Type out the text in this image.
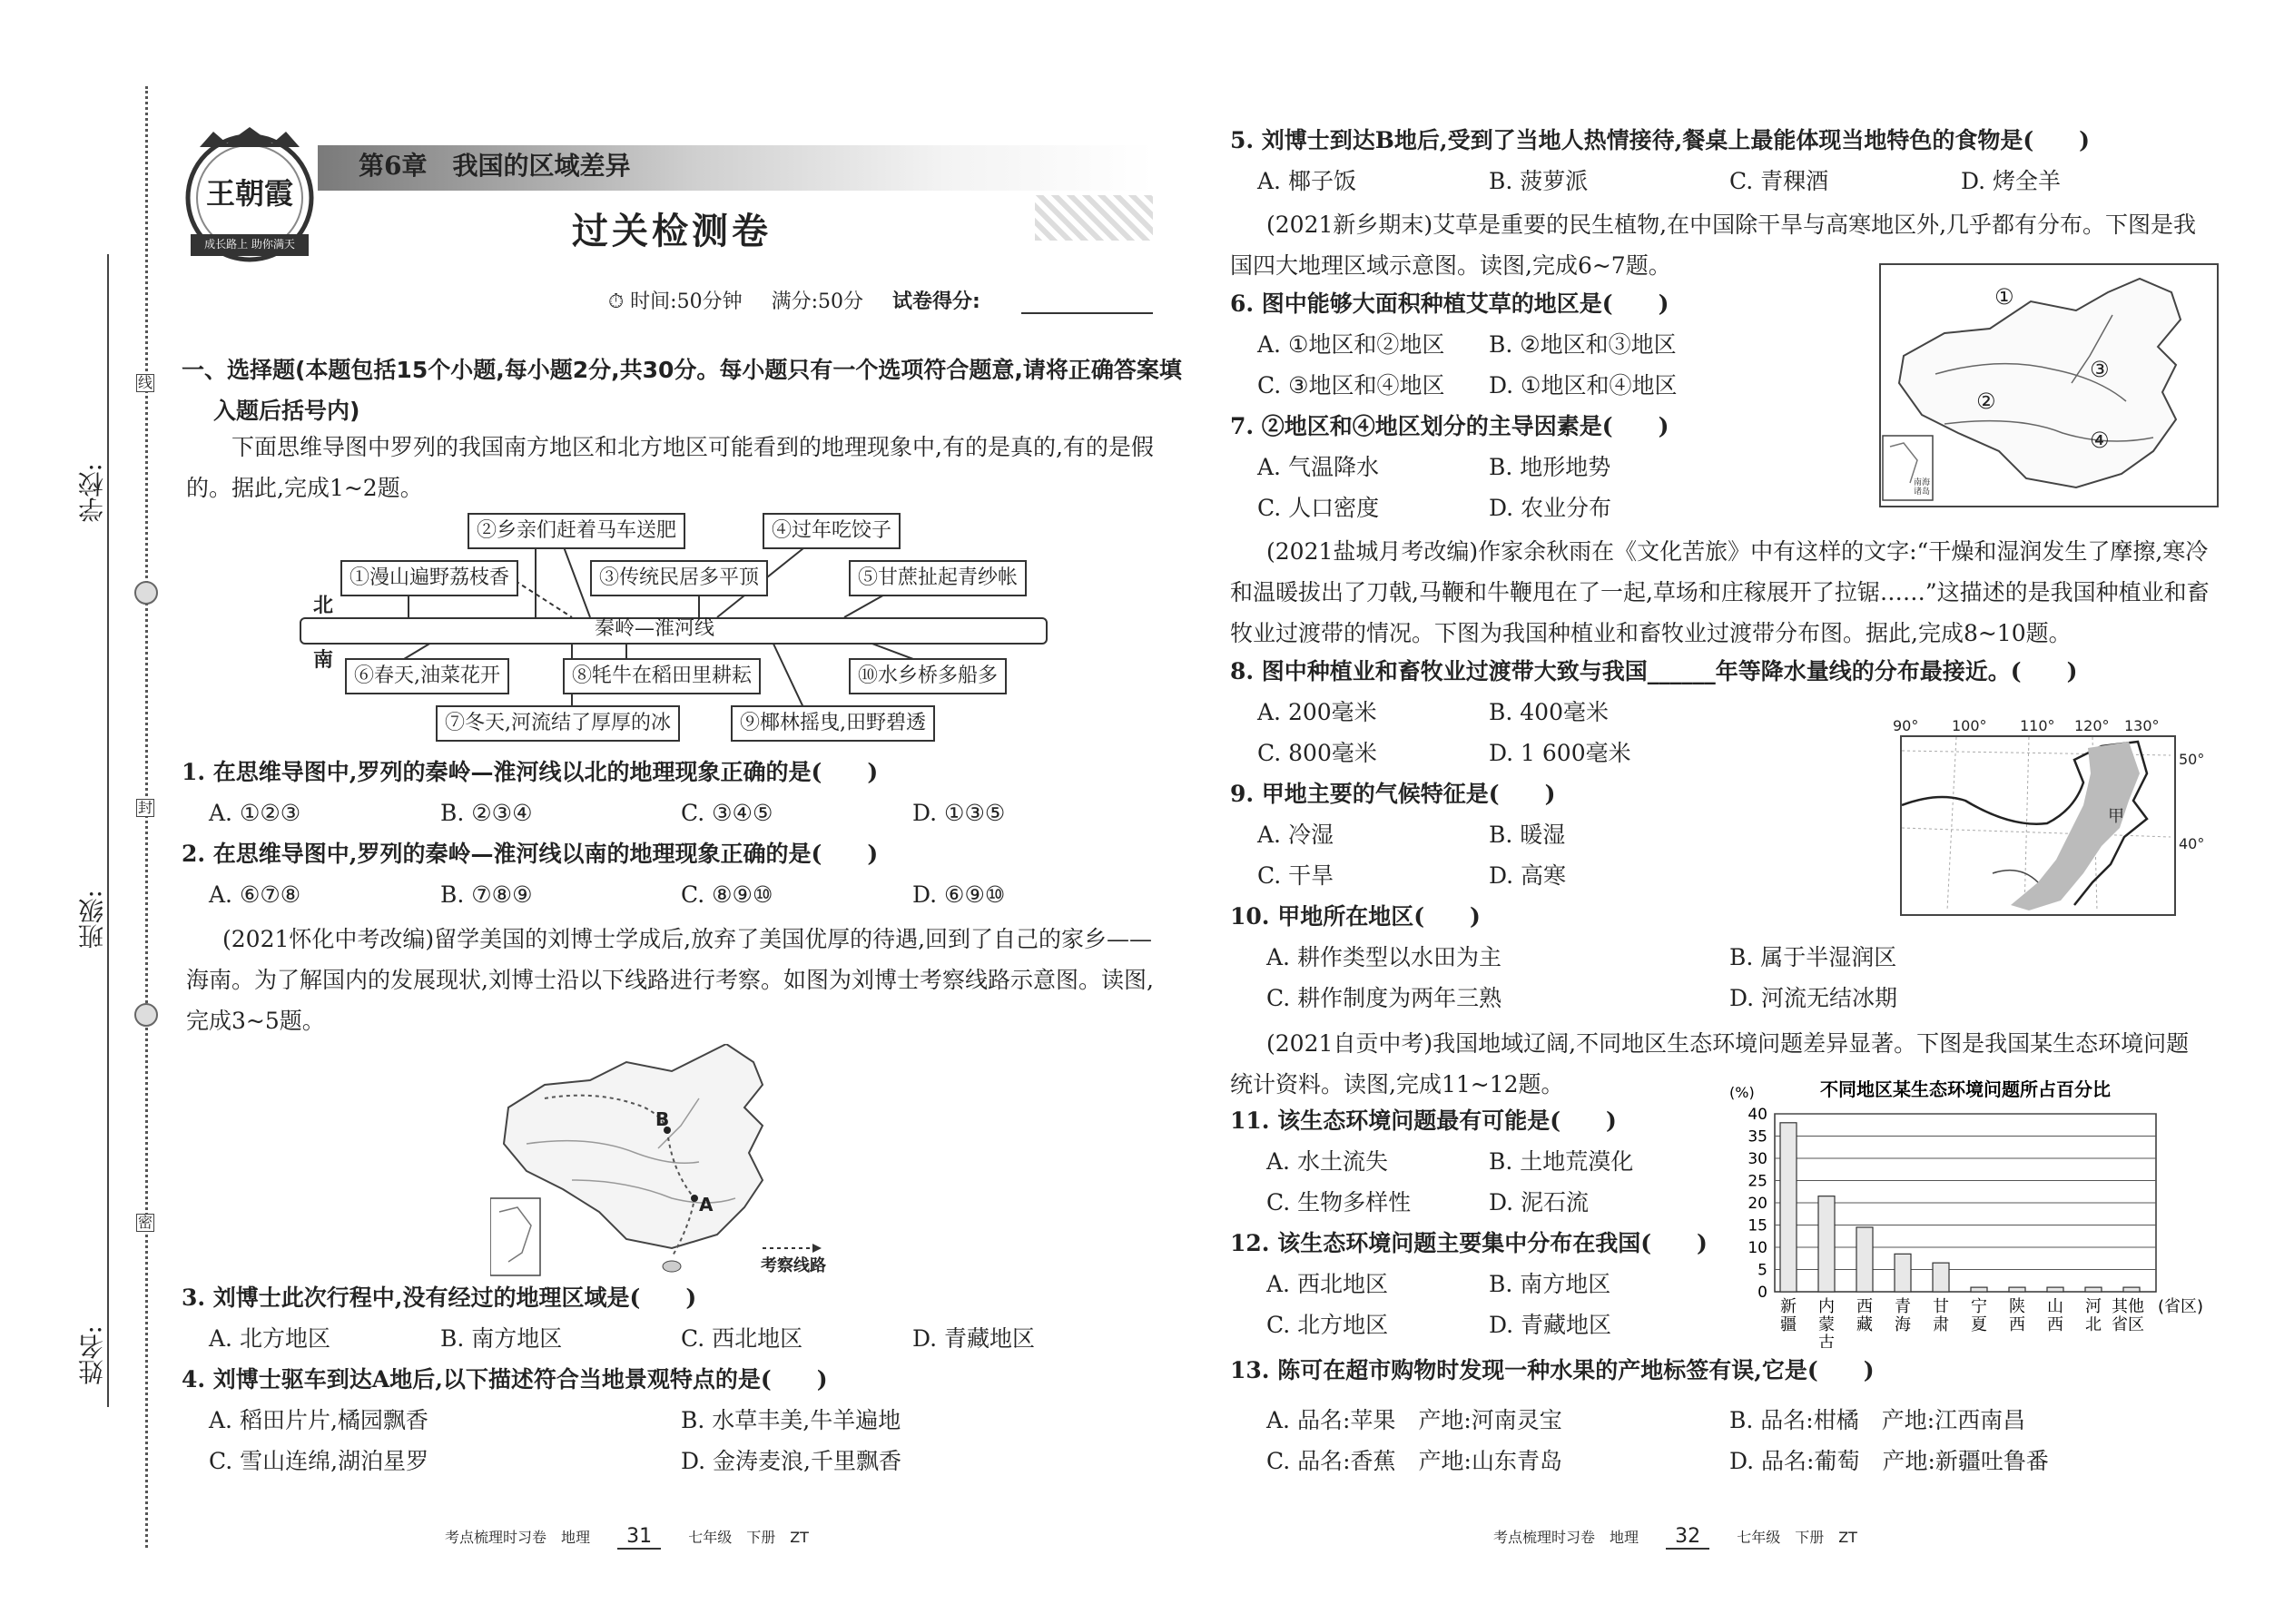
学校:
班级:
姓名:
线
封
密
王朝霞
成长路上 助你满天
第6章　我国的区域差异
过关检测卷
⏱ 时间:50分钟 满分:50分 试卷得分:
一、选择题(本题包括15个小题,每小题2分,共30分。每小题只有一个选项符合题意,请将正确答案填入题后括号内)
下面思维导图中罗列的我国南方地区和北方地区可能看到的地理现象中,有的是真的,有的是假的。据此,完成1~2题。
北
南
秦岭—淮河线
②乡亲们赶着马车送肥	④过年吃饺子
①漫山遍野荔枝香	③传统民居多平顶	⑤甘蔗扯起青纱帐
⑥春天,油菜花开	⑧牦牛在稻田里耕耘	⑩水乡桥多船多
⑦冬天,河流结了厚厚的冰	⑨椰林摇曳,田野碧透
1. 在思维导图中,罗列的秦岭—淮河线以北的地理现象正确的是(　　)
A. ①②③	B. ②③④	C. ③④⑤	D. ①③⑤
2. 在思维导图中,罗列的秦岭—淮河线以南的地理现象正确的是(　　)
A. ⑥⑦⑧	B. ⑦⑧⑨	C. ⑧⑨⑩	D. ⑥⑨⑩
(2021怀化中考改编)留学美国的刘博士学成后,放弃了美国优厚的待遇,回到了自己的家乡——海南。为了解国内的发展现状,刘博士沿以下线路进行考察。如图为刘博士考察线路示意图。读图,完成3~5题。
B
A
考察线路
3. 刘博士此次行程中,没有经过的地理区域是(　　)
A. 北方地区	B. 南方地区	C. 西北地区	D. 青藏地区
4. 刘博士驱车到达A地后,以下描述符合当地景观特点的是(　　)
A. 稻田片片,橘园飘香	B. 水草丰美,牛羊遍地
C. 雪山连绵,湖泊星罗	D. 金涛麦浪,千里飘香
考点梳理时习卷　地理 31	七年级　下册　ZT
5. 刘博士到达B地后,受到了当地人热情接待,餐桌上最能体现当地特色的食物是(　　)
A. 椰子饭	B. 菠萝派	C. 青稞酒	D. 烤全羊
(2021新乡期末)艾草是重要的民生植物,在中国除干旱与高寒地区外,几乎都有分布。下图是我国四大地理区域示意图。读图,完成6~7题。
①
②
③
④
南海诸岛
6. 图中能够大面积种植艾草的地区是(　　)
A. ①地区和②地区 B. ②地区和③地区
C. ③地区和④地区 D. ①地区和④地区
7. ②地区和④地区划分的主导因素是(　　)
A. 气温降水	B. 地形地势
C. 人口密度	D. 农业分布
(2021盐城月考改编)作家余秋雨在《文化苦旅》中有这样的文字:“干燥和湿润发生了摩擦,寒冷和温暖拔出了刀戟,马鞭和牛鞭甩在了一起,草场和庄稼展开了拉锯……”这描述的是我国种植业和畜牧业过渡带的情况。下图为我国种植业和畜牧业过渡带分布图。据此,完成8~10题。
8. 图中种植业和畜牧业过渡带大致与我国______年等降水量线的分布最接近。(　　)
A. 200毫米	B. 400毫米
C. 800毫米	D. 1 600毫米
90° 100° 110° 120° 130°
甲
50°
40°
9. 甲地主要的气候特征是(　　)
A. 冷湿	B. 暖湿
C. 干旱	D. 高寒
10. 甲地所在地区(　　)
A. 耕作类型以水田为主	B. 属于半湿润区
C. 耕作制度为两年三熟	D. 河流无结冰期
(2021自贡中考)我国地域辽阔,不同地区生态环境问题差异显著。下图是我国某生态环境问题统计资料。读图,完成11~12题。
11. 该生态环境问题最有可能是(　　)
A. 水土流失	B. 土地荒漠化
C. 生物多样性	D. 泥石流
12. 该生态环境问题主要集中分布在我国(　　)
A. 西北地区	B. 南方地区
C. 北方地区	D. 青藏地区
不同地区某生态环境问题所占百分比
(%)
0
5
10
15
20
25
30
35
40
新疆
内蒙古
西藏
青海
甘肃
宁夏
陕西
山西
河北
其他省区
(省区)
13. 陈可在超市购物时发现一种水果的产地标签有误,它是(　　)
A. 品名:苹果　产地:河南灵宝	B. 品名:柑橘　产地:江西南昌
C. 品名:香蕉　产地:山东青岛	D. 品名:葡萄　产地:新疆吐鲁番
考点梳理时习卷　地理 32	七年级　下册　ZT
